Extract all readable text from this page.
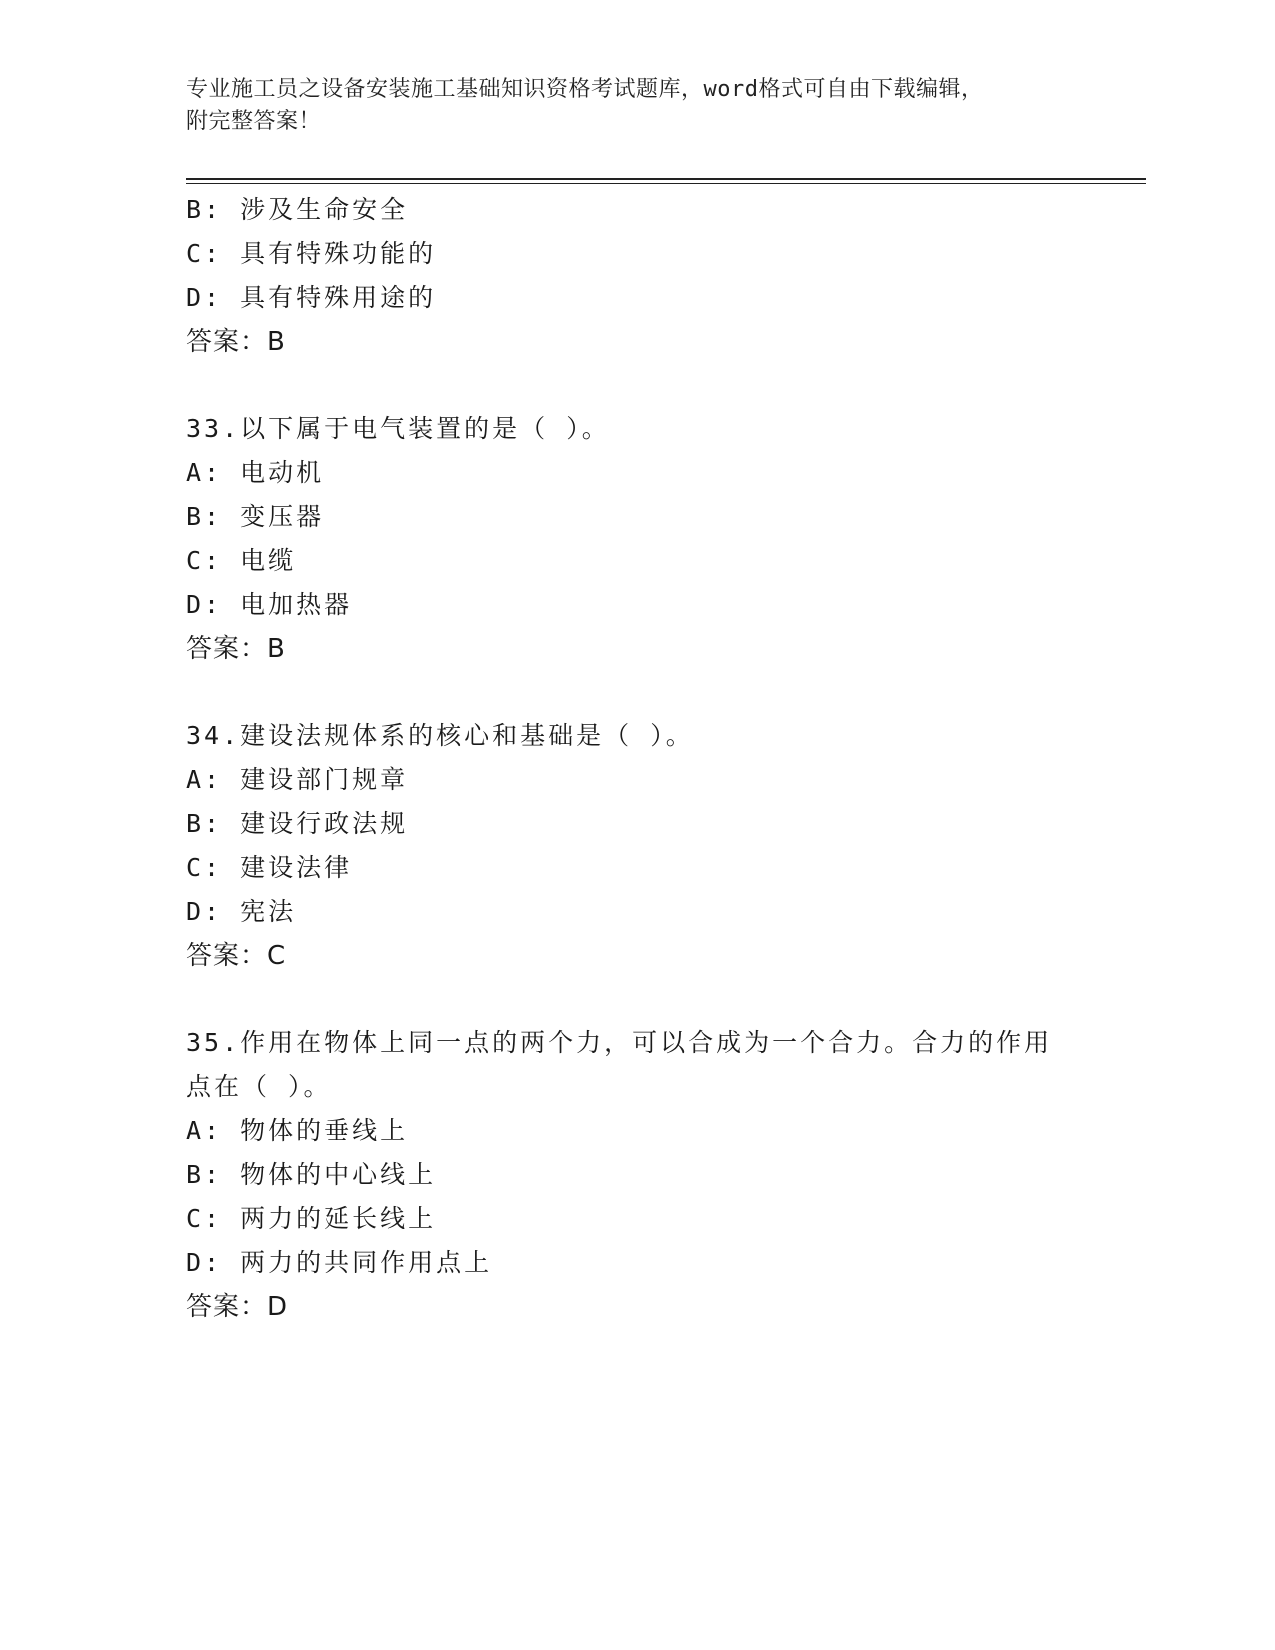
专业施工员之设备安装施工基础知识资格考试题库，word格式可自由下载编辑，
附完整答案！
B: 涉及生命安全
C: 具有特殊功能的
D: 具有特殊用途的
答案：B
33.以下属于电气装置的是（ ）。
A: 电动机
B: 变压器
C: 电缆
D: 电加热器
答案：B
34.建设法规体系的核心和基础是（ ）。
A: 建设部门规章
B: 建设行政法规
C: 建设法律
D: 宪法
答案：C
35.作用在物体上同一点的两个力，可以合成为一个合力。合力的作用
点在（ ）。
A: 物体的垂线上
B: 物体的中心线上
C: 两力的延长线上
D: 两力的共同作用点上
答案：D
